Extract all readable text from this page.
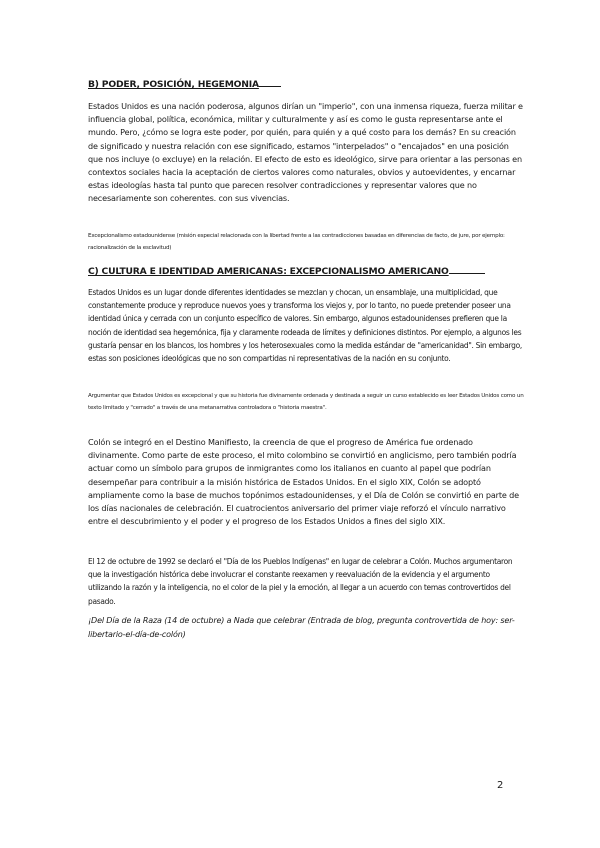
B) PODER, POSICIÓN, HEGEMONIA

Estados Unidos es una nación poderosa, algunos dirían un "imperio", con una inmensa riqueza, fuerza militar e influencia global, política, económica, militar y culturalmente y así es como le gusta representarse ante el mundo. Pero, ¿cómo se logra este poder, por quién, para quién y a qué costo para los demás? En su creación de significado y nuestra relación con ese significado, estamos "interpelados" o "encajados" en una posición que nos incluye (o excluye) en la relación. El efecto de esto es ideológico, sirve para orientar a las personas en contextos sociales hacia la aceptación de ciertos valores como naturales, obvios y autoevidentes, y encarnar estas ideologías hasta tal punto que parecen resolver contradicciones y representar valores que no necesariamente son coherentes. con sus vivencias.

Excepcionalismo estadounidense (misión especial relacionada con la libertad frente a las contradicciones basadas en diferencias de facto, de jure, por ejemplo: racionalización de la esclavitud)

C) CULTURA E IDENTIDAD AMERICANAS: EXCEPCIONALISMO AMERICANO

Estados Unidos es un lugar donde diferentes identidades se mezclan y chocan, un ensamblaje, una multiplicidad, que constantemente produce y reproduce nuevos yoes y transforma los viejos y, por lo tanto, no puede pretender poseer una identidad única y cerrada con un conjunto específico de valores. Sin embargo, algunos estadounidenses prefieren que la noción de identidad sea hegemónica, fija y claramente rodeada de límites y definiciones distintos. Por ejemplo, a algunos les gustaría pensar en los blancos, los hombres y los heterosexuales como la medida estándar de "americanidad". Sin embargo, estas son posiciones ideológicas que no son compartidas ni representativas de la nación en su conjunto.

Argumentar que Estados Unidos es excepcional y que su historia fue divinamente ordenada y destinada a seguir un curso establecido es leer Estados Unidos como un texto limitado y "cerrado" a través de una metanarrativa controladora o "historia maestra".

Colón se integró en el Destino Manifiesto, la creencia de que el progreso de América fue ordenado divinamente. Como parte de este proceso, el mito colombino se convirtió en anglicismo, pero también podría actuar como un símbolo para grupos de inmigrantes como los italianos en cuanto al papel que podrían desempeñar para contribuir a la misión histórica de Estados Unidos. En el siglo XIX, Colón se adoptó ampliamente como la base de muchos topónimos estadounidenses, y el Día de Colón se convirtió en parte de los días nacionales de celebración. El cuatrocientos aniversario del primer viaje reforzó el vínculo narrativo entre el descubrimiento y el poder y el progreso de los Estados Unidos a fines del siglo XIX.

El 12 de octubre de 1992 se declaró el "Día de los Pueblos Indígenas" en lugar de celebrar a Colón. Muchos argumentaron que la investigación histórica debe involucrar el constante reexamen y reevaluación de la evidencia y el argumento utilizando la razón y la inteligencia, no el color de la piel y la emoción, al llegar a un acuerdo con temas controvertidos del pasado.

¡Del Día de la Raza (14 de octubre) a Nada que celebrar (Entrada de blog, pregunta controvertida de hoy: ser-libertario-el-día-de-colón)

2
